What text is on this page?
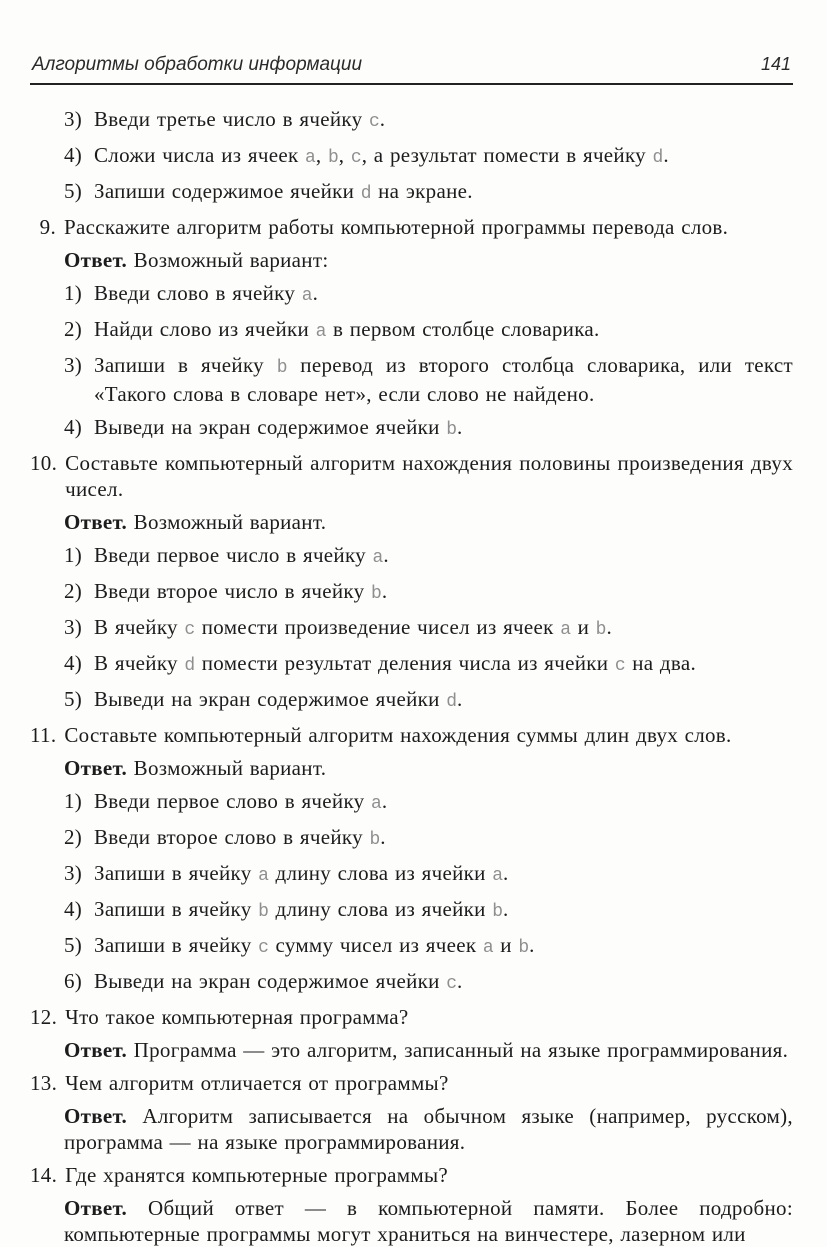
Алгоритмы обработки информации	141
3) Введи третье число в ячейку c.
4) Сложи числа из ячеек a, b, c, а результат помести в ячейку d.
5) Запиши содержимое ячейки d на экране.
9. Расскажите алгоритм работы компьютерной программы перевода слов.
Ответ. Возможный вариант:
1) Введи слово в ячейку a.
2) Найди слово из ячейки a в первом столбце словарика.
3) Запиши в ячейку b перевод из второго столбца словарика, или текст «Такого слова в словаре нет», если слово не найдено.
4) Выведи на экран содержимое ячейки b.
10. Составьте компьютерный алгоритм нахождения половины произведения двух чисел.
Ответ. Возможный вариант.
1) Введи первое число в ячейку a.
2) Введи второе число в ячейку b.
3) В ячейку c помести произведение чисел из ячеек a и b.
4) В ячейку d помести результат деления числа из ячейки c на два.
5) Выведи на экран содержимое ячейки d.
11. Составьте компьютерный алгоритм нахождения суммы длин двух слов.
Ответ. Возможный вариант.
1) Введи первое слово в ячейку a.
2) Введи второе слово в ячейку b.
3) Запиши в ячейку a длину слова из ячейки a.
4) Запиши в ячейку b длину слова из ячейки b.
5) Запиши в ячейку c сумму чисел из ячеек a и b.
6) Выведи на экран содержимое ячейки c.
12. Что такое компьютерная программа?
Ответ. Программа — это алгоритм, записанный на языке программирования.
13. Чем алгоритм отличается от программы?
Ответ. Алгоритм записывается на обычном языке (например, русском), программа — на языке программирования.
14. Где хранятся компьютерные программы?
Ответ. Общий ответ — в компьютерной памяти. Более подробно: компьютерные программы могут храниться на винчестере, лазерном или
